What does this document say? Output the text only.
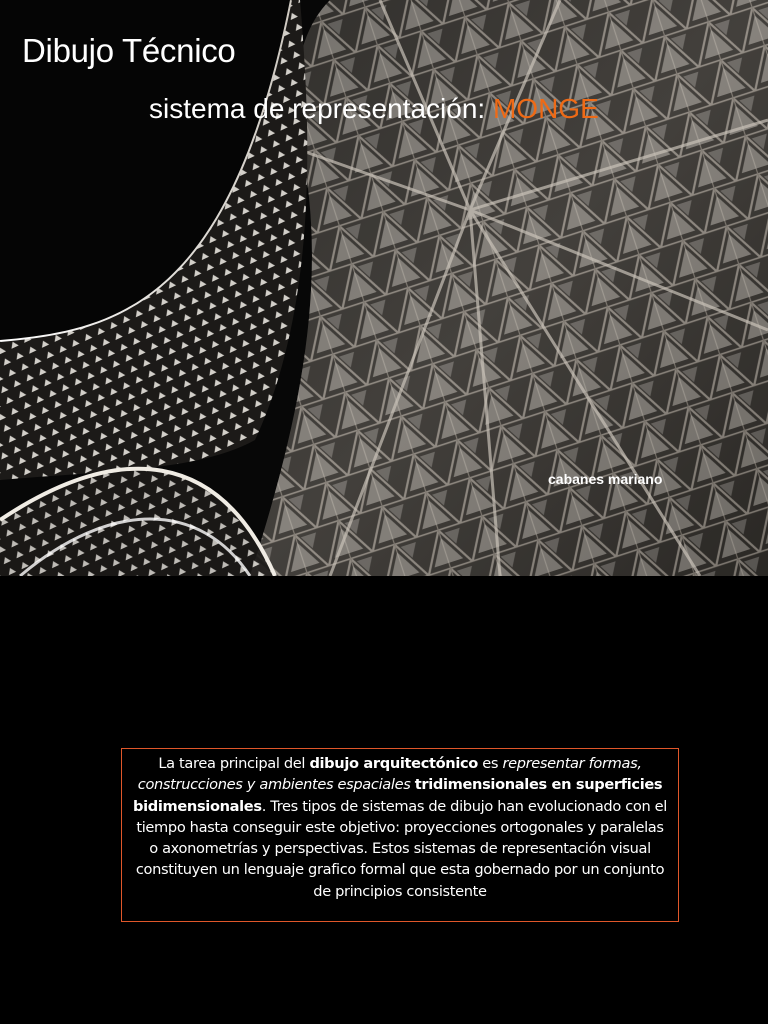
Dibujo Técnico
sistema de representación: MONGE
cabanes mariano
La tarea principal del dibujo arquitectónico es representar formas, construcciones y ambientes espaciales tridimensionales en superficies bidimensionales. Tres tipos de sistemas de dibujo han evolucionado con el tiempo hasta conseguir este objetivo: proyecciones ortogonales y paralelas o axonometrías y perspectivas. Estos sistemas de representación visual constituyen un lenguaje grafico formal que esta gobernado por un conjunto de principios consistente
